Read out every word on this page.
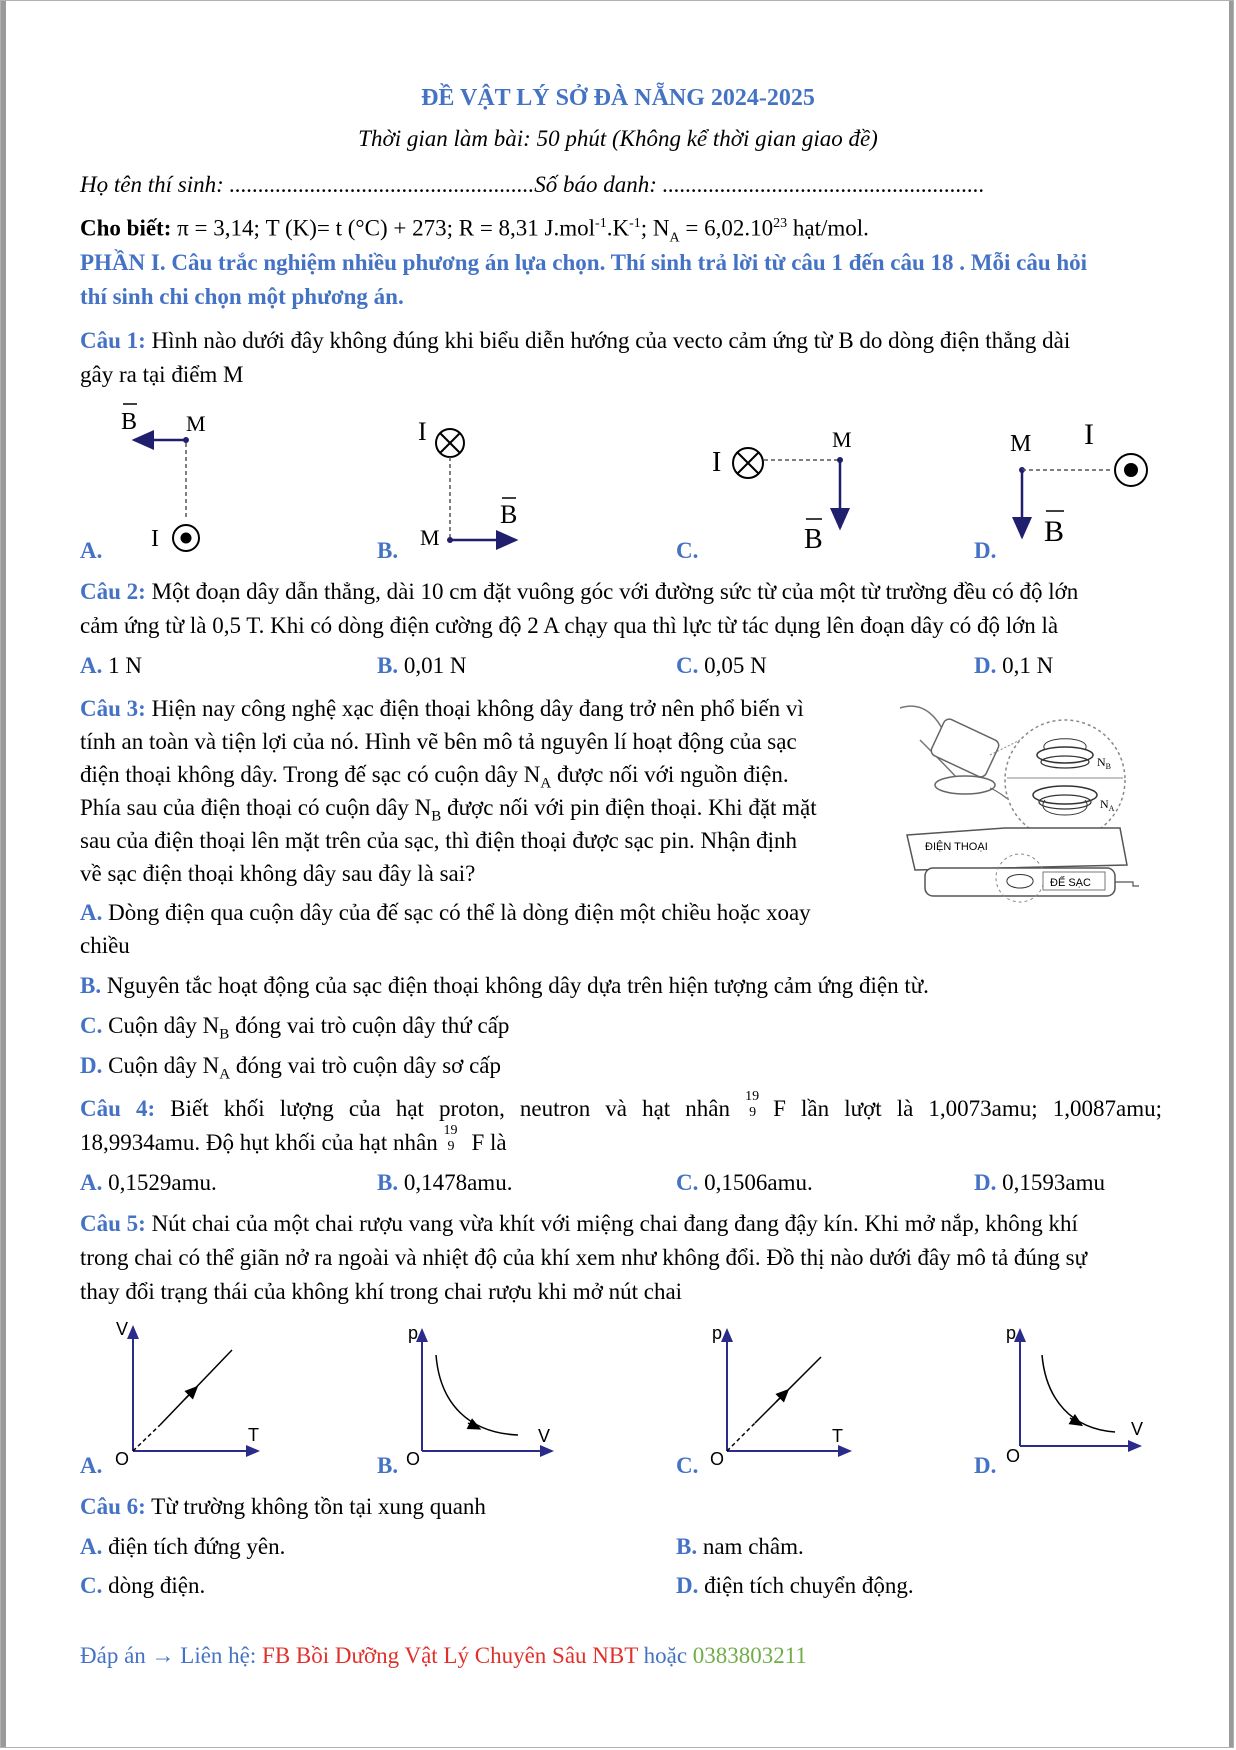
ĐỀ VẬT LÝ SỞ ĐÀ NẴNG 2024-2025
Thời gian làm bài: 50 phút (Không kể thời gian giao đề)
Họ tên thí sinh: .....................................................Số báo danh: ........................................................
Cho biết: π = 3,14; T (K)= t (°C) + 273; R = 8,31 $J.mol^{-1}.K^{-1}$; $N_A = 6,02.10^{23}$ hạt/mol.
PHẦN I. Câu trắc nghiệm nhiều phương án lựa chọn. Thí sinh trả lời từ câu 1 đến câu 18 . Mỗi câu hỏi
thí sinh chi chọn một phương án.
Câu 1: Hình nào dưới đây không đúng khi biểu diễn hướng của vecto cảm ứng từ B do dòng điện thẳng dài
gây ra tại điểm M
B M
I
I
B
M
I
M
B
M I
B
A.	B.	C.	D.
Câu 2: Một đoạn dây dẫn thẳng, dài 10 cm đặt vuông góc với đường sức từ của một từ trường đều có độ lớn
cảm ứng từ là 0,5 T. Khi có dòng điện cường độ 2 A chạy qua thì lực từ tác dụng lên đoạn dây có độ lớn là
A. 1 N	B. 0,01 N	C. 0,05 N	D. 0,1 N
Câu 3: Hiện nay công nghệ xạc điện thoại không dây đang trở nên phổ biến vì
tính an toàn và tiện lợi của nó. Hình vẽ bên mô tả nguyên lí hoạt động của sạc
điện thoại không dây. Trong đế sạc có cuộn dây $N_A$ được nối với nguồn điện.
Phía sau của điện thoại có cuộn dây $N_B$ được nối với pin điện thoại. Khi đặt mặt
sau của điện thoại lên mặt trên của sạc, thì điện thoại được sạc pin. Nhận định
về sạc điện thoại không dây sau đây là sai?
$N_B$
$N_A$
ĐIỆN THOẠI
ĐẾ SẠC
A. Dòng điện qua cuộn dây của đế sạc có thể là dòng điện một chiều hoặc xoay
chiều
B. Nguyên tắc hoạt động của sạc điện thoại không dây dựa trên hiện tượng cảm ứng điện từ.
C. Cuộn dây $N_B$ đóng vai trò cuộn dây thứ cấp
D. Cuộn dây $N_A$ đóng vai trò cuộn dây sơ cấp
Câu 4: Biết khối lượng của hạt proton, neutron và hạt nhân 19
9 F lần lượt là 1,0073amu; 1,0087amu;
18,9934amu. Độ hụt khối của hạt nhân 19
9 F là
A. 0,1529amu.	B. 0,1478amu.	C. 0,1506amu.	D. 0,1593amu
Câu 5: Nút chai của một chai rượu vang vừa khít với miệng chai đang đang đậy kín. Khi mở nắp, không khí
trong chai có thể giãn nở ra ngoài và nhiệt độ của khí xem như không đổi. Đồ thị nào dưới đây mô tả đúng sự
thay đổi trạng thái của không khí trong chai rượu khi mở nút chai
V
T
O
p
V
O
p
T
O
p
V
O
A.	B.	C.	D.
Câu 6: Từ trường không tồn tại xung quanh
A. điện tích đứng yên.	B. nam châm.
C. dòng điện.	D. điện tích chuyển động.
Đáp án → Liên hệ: FB Bồi Dưỡng Vật Lý Chuyên Sâu NBT hoặc 0383803211
